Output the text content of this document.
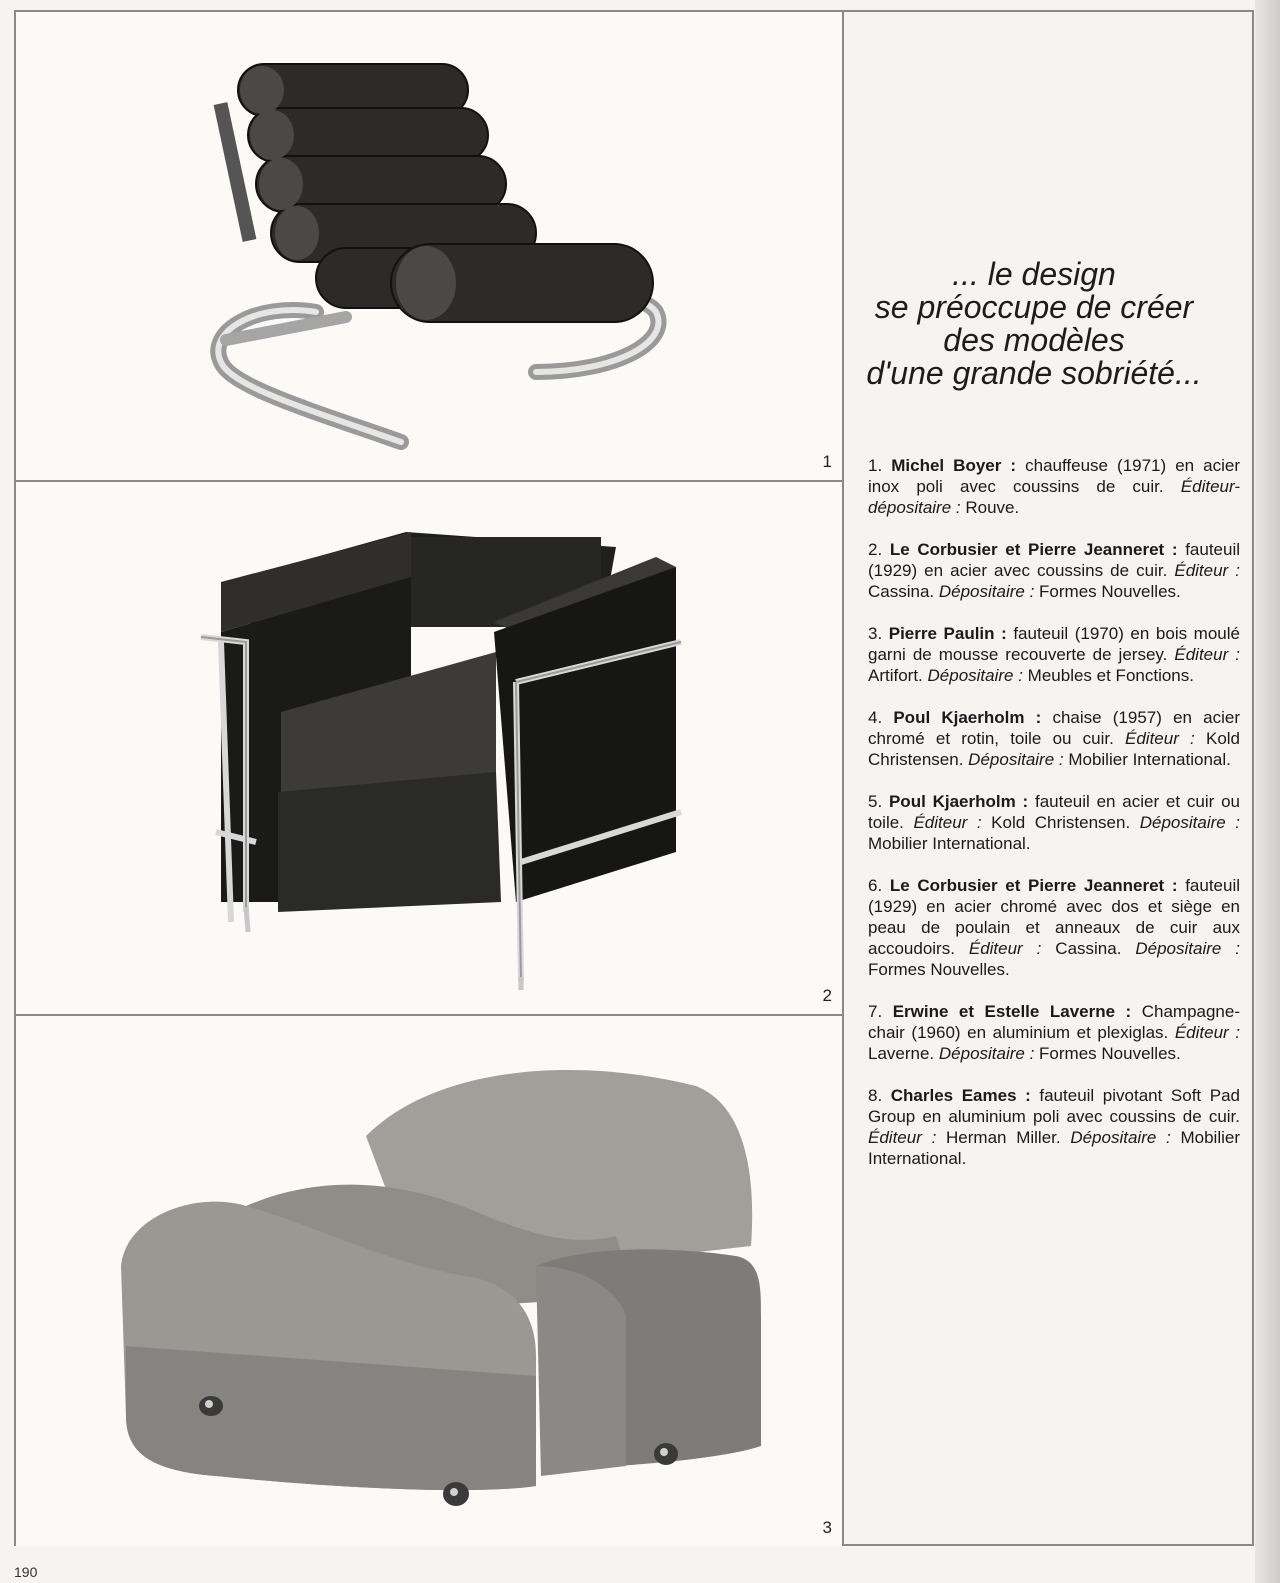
1
2
3
... le design
se préoccupe de créer
des modèles
d'une grande sobriété...
1. Michel Boyer : chauffeuse (1971) en acier inox poli avec coussins de cuir. Éditeur-dépositaire : Rouve.
2. Le Corbusier et Pierre Jeanneret : fauteuil (1929) en acier avec coussins de cuir. Éditeur : Cassina. Dépositaire : Formes Nouvelles.
3. Pierre Paulin : fauteuil (1970) en bois moulé garni de mousse recouverte de jersey. Éditeur : Artifort. Dépositaire : Meubles et Fonctions.
4. Poul Kjaerholm : chaise (1957) en acier chromé et rotin, toile ou cuir. Éditeur : Kold Christensen. Dépositaire : Mobilier International.
5. Poul Kjaerholm : fauteuil en acier et cuir ou toile. Éditeur : Kold Christensen. Dépositaire : Mobilier International.
6. Le Corbusier et Pierre Jeanneret : fauteuil (1929) en acier chromé avec dos et siège en peau de poulain et anneaux de cuir aux accoudoirs. Éditeur : Cassina. Dépositaire : Formes Nouvelles.
7. Erwine et Estelle Laverne : Champagne-chair (1960) en aluminium et plexiglas. Éditeur : Laverne. Dépositaire : Formes Nouvelles.
8. Charles Eames : fauteuil pivotant Soft Pad Group en aluminium poli avec coussins de cuir. Éditeur : Herman Miller. Dépositaire : Mobilier International.
190
